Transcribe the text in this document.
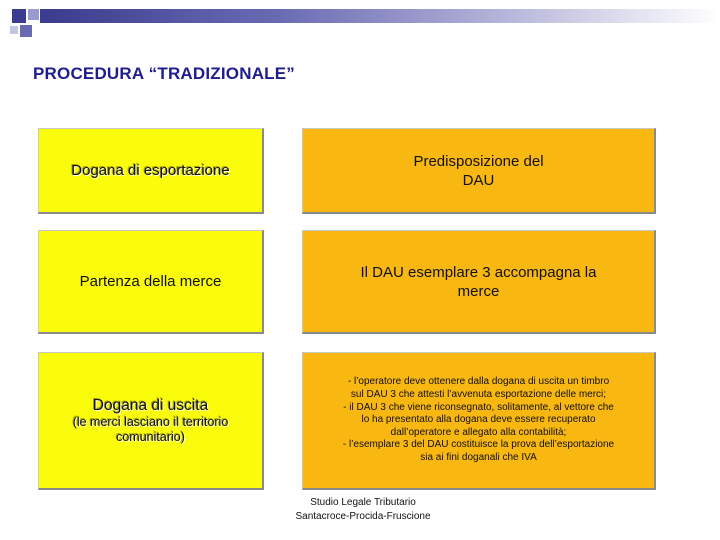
PROCEDURA “TRADIZIONALE”
Dogana di esportazione
Partenza della merce
Dogana di uscita
(le merci lasciano il territorio
comunitario)
Predisposizione del
DAU
Il DAU esemplare 3 accompagna la
merce
- l’operatore deve ottenere dalla dogana di uscita un timbro
sul DAU 3 che attesti l’avvenuta esportazione delle merci;
- il DAU 3 che viene riconsegnato, solitamente, al vettore che
lo ha presentato alla dogana deve essere recuperato
dall’operatore e allegato alla contabilità;
- l’esemplare 3 del DAU costituisce la prova dell’esportazione
sia ai fini doganali che IVA
Studio Legale Tributario
Santacroce-Procida-Fruscione
